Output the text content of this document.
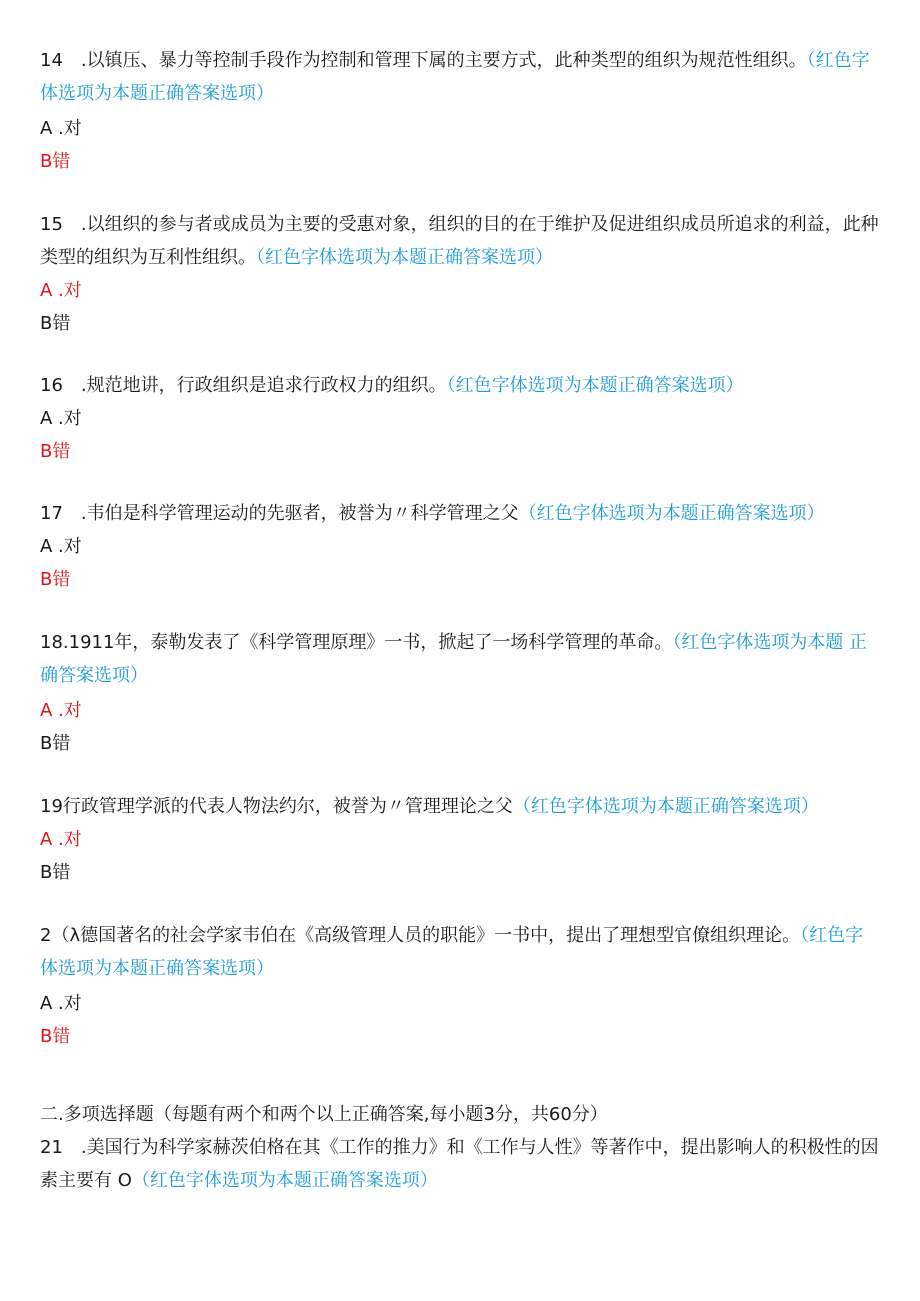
14　.以镇压、暴力等控制手段作为控制和管理下属的主要方式，此种类型的组织为规范性组织。（红色字 体选项为本题正确答案选项）

A .对

B错

15　.以组织的参与者或成员为主要的受惠对象，组织的目的在于维护及促进组织成员所追求的利益，此种类型的组织为互利性组织。（红色字体选项为本题正确答案选项）

A .对

B错

16　.规范地讲，行政组织是追求行政权力的组织。（红色字体选项为本题正确答案选项）

A .对

B错

17　.韦伯是科学管理运动的先驱者，被誉为〃科学管理之父（红色字体选项为本题正确答案选项）

A .对

B错

18.1911年，泰勒发表了《科学管理原理》一书，掀起了一场科学管理的革命。（红色字体选项为本题 正确答案选项）

A .对

B错

19行政管理学派的代表人物法约尔，被誉为〃管理理论之父（红色字体选项为本题正确答案选项）

A .对

B错

2（λ德国著名的社会学家韦伯在《高级管理人员的职能》一书中，提出了理想型官僚组织理论。（红色字 体选项为本题正确答案选项）

A .对

B错

二.多项选择题（每题有两个和两个以上正确答案,每小题3分，共60分）

21　.美国行为科学家赫茨伯格在其《工作的推力》和《工作与人性》等著作中，提出影响人的积极性的因素主要有 O（红色字体选项为本题正确答案选项）
